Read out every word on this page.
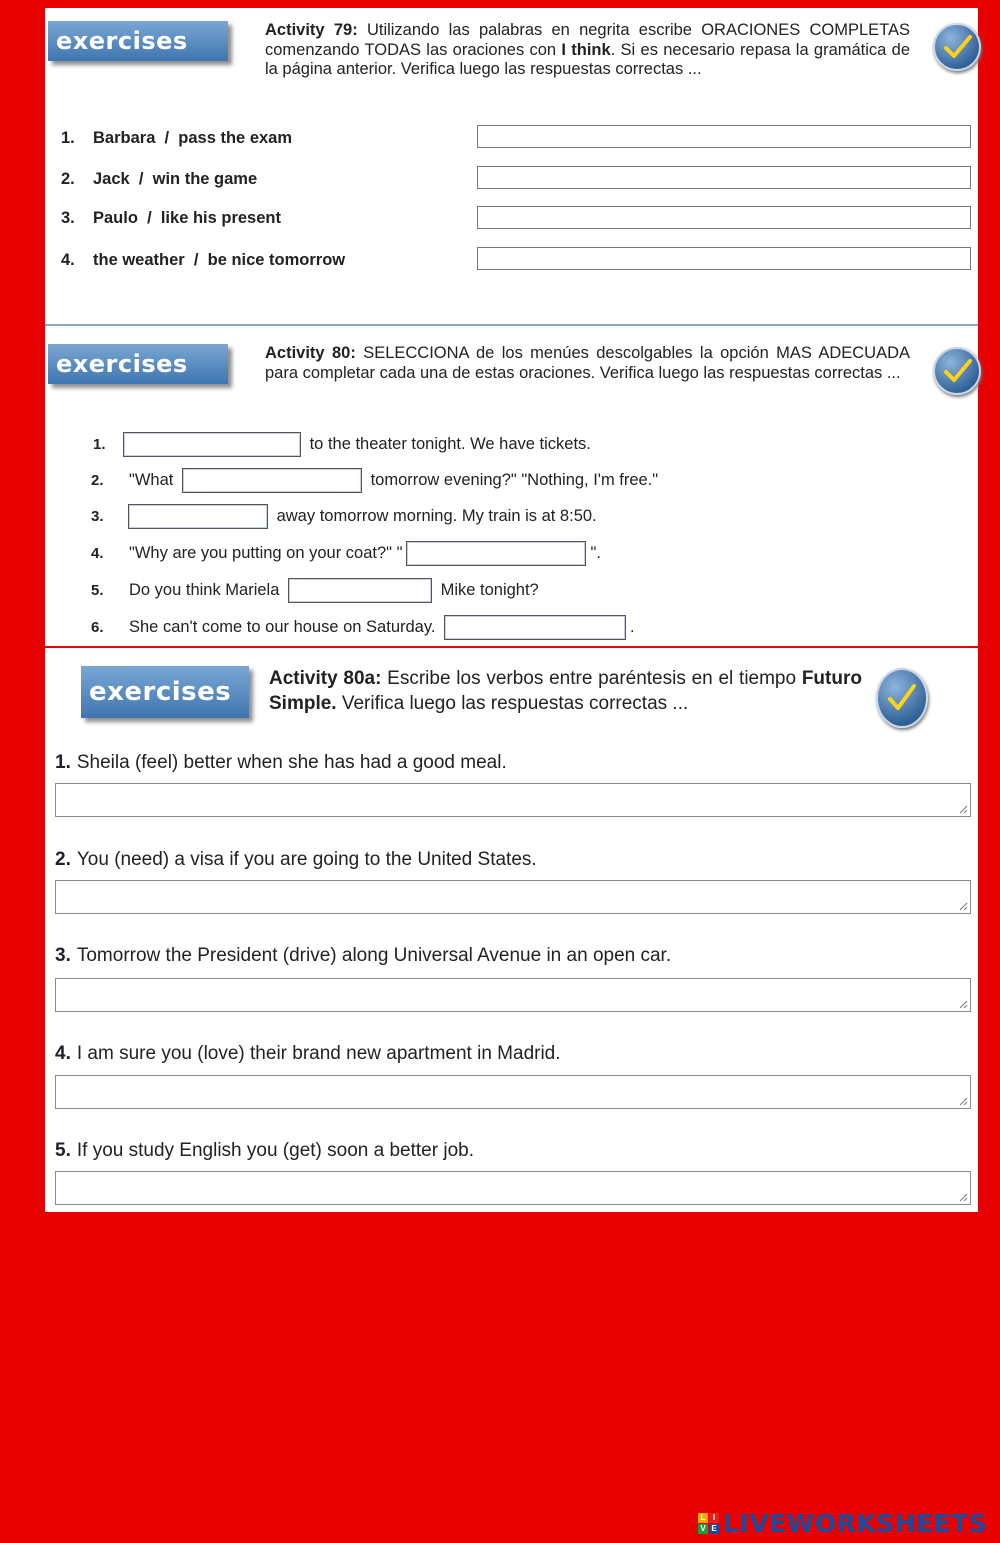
exercises	Activity 79: Utilizando las palabras en negrita escribe ORACIONES COMPLETAS comenzando TODAS las oraciones con I think. Si es necesario repasa la gramática de la página anterior. Verifica luego las respuestas correctas ...
1. Barbara  /  pass the exam
2. Jack  /  win the game
3. Paulo  /  like his present
4. the weather  /  be nice tomorrow
exercises	Activity 80: SELECCIONA de los menúes descolgables la opción MAS ADECUADA para completar cada una de estas oraciones. Verifica luego las respuestas correctas ...
1.	to the theater tonight. We have tickets.
2. "What	tomorrow evening?" "Nothing, I'm free."
3.	away tomorrow morning. My train is at 8:50.
4. "Why are you putting on your coat?" "	".
5. Do you think Mariela	Mike tonight?
6. She can't come to our house on Saturday.	.
exercises	Activity 80a: Escribe los verbos entre paréntesis en el tiempo Futuro Simple. Verifica luego las respuestas correctas ...
1. Sheila (feel) better when she has had a good meal.
2. You (need) a visa if you are going to the United States.
3. Tomorrow the President (drive) along Universal Avenue in an open car.
4. I am sure you (love) their brand new apartment in Madrid.
5. If you study English you (get) soon a better job.
L I
V E LIVEWORKSHEETS
